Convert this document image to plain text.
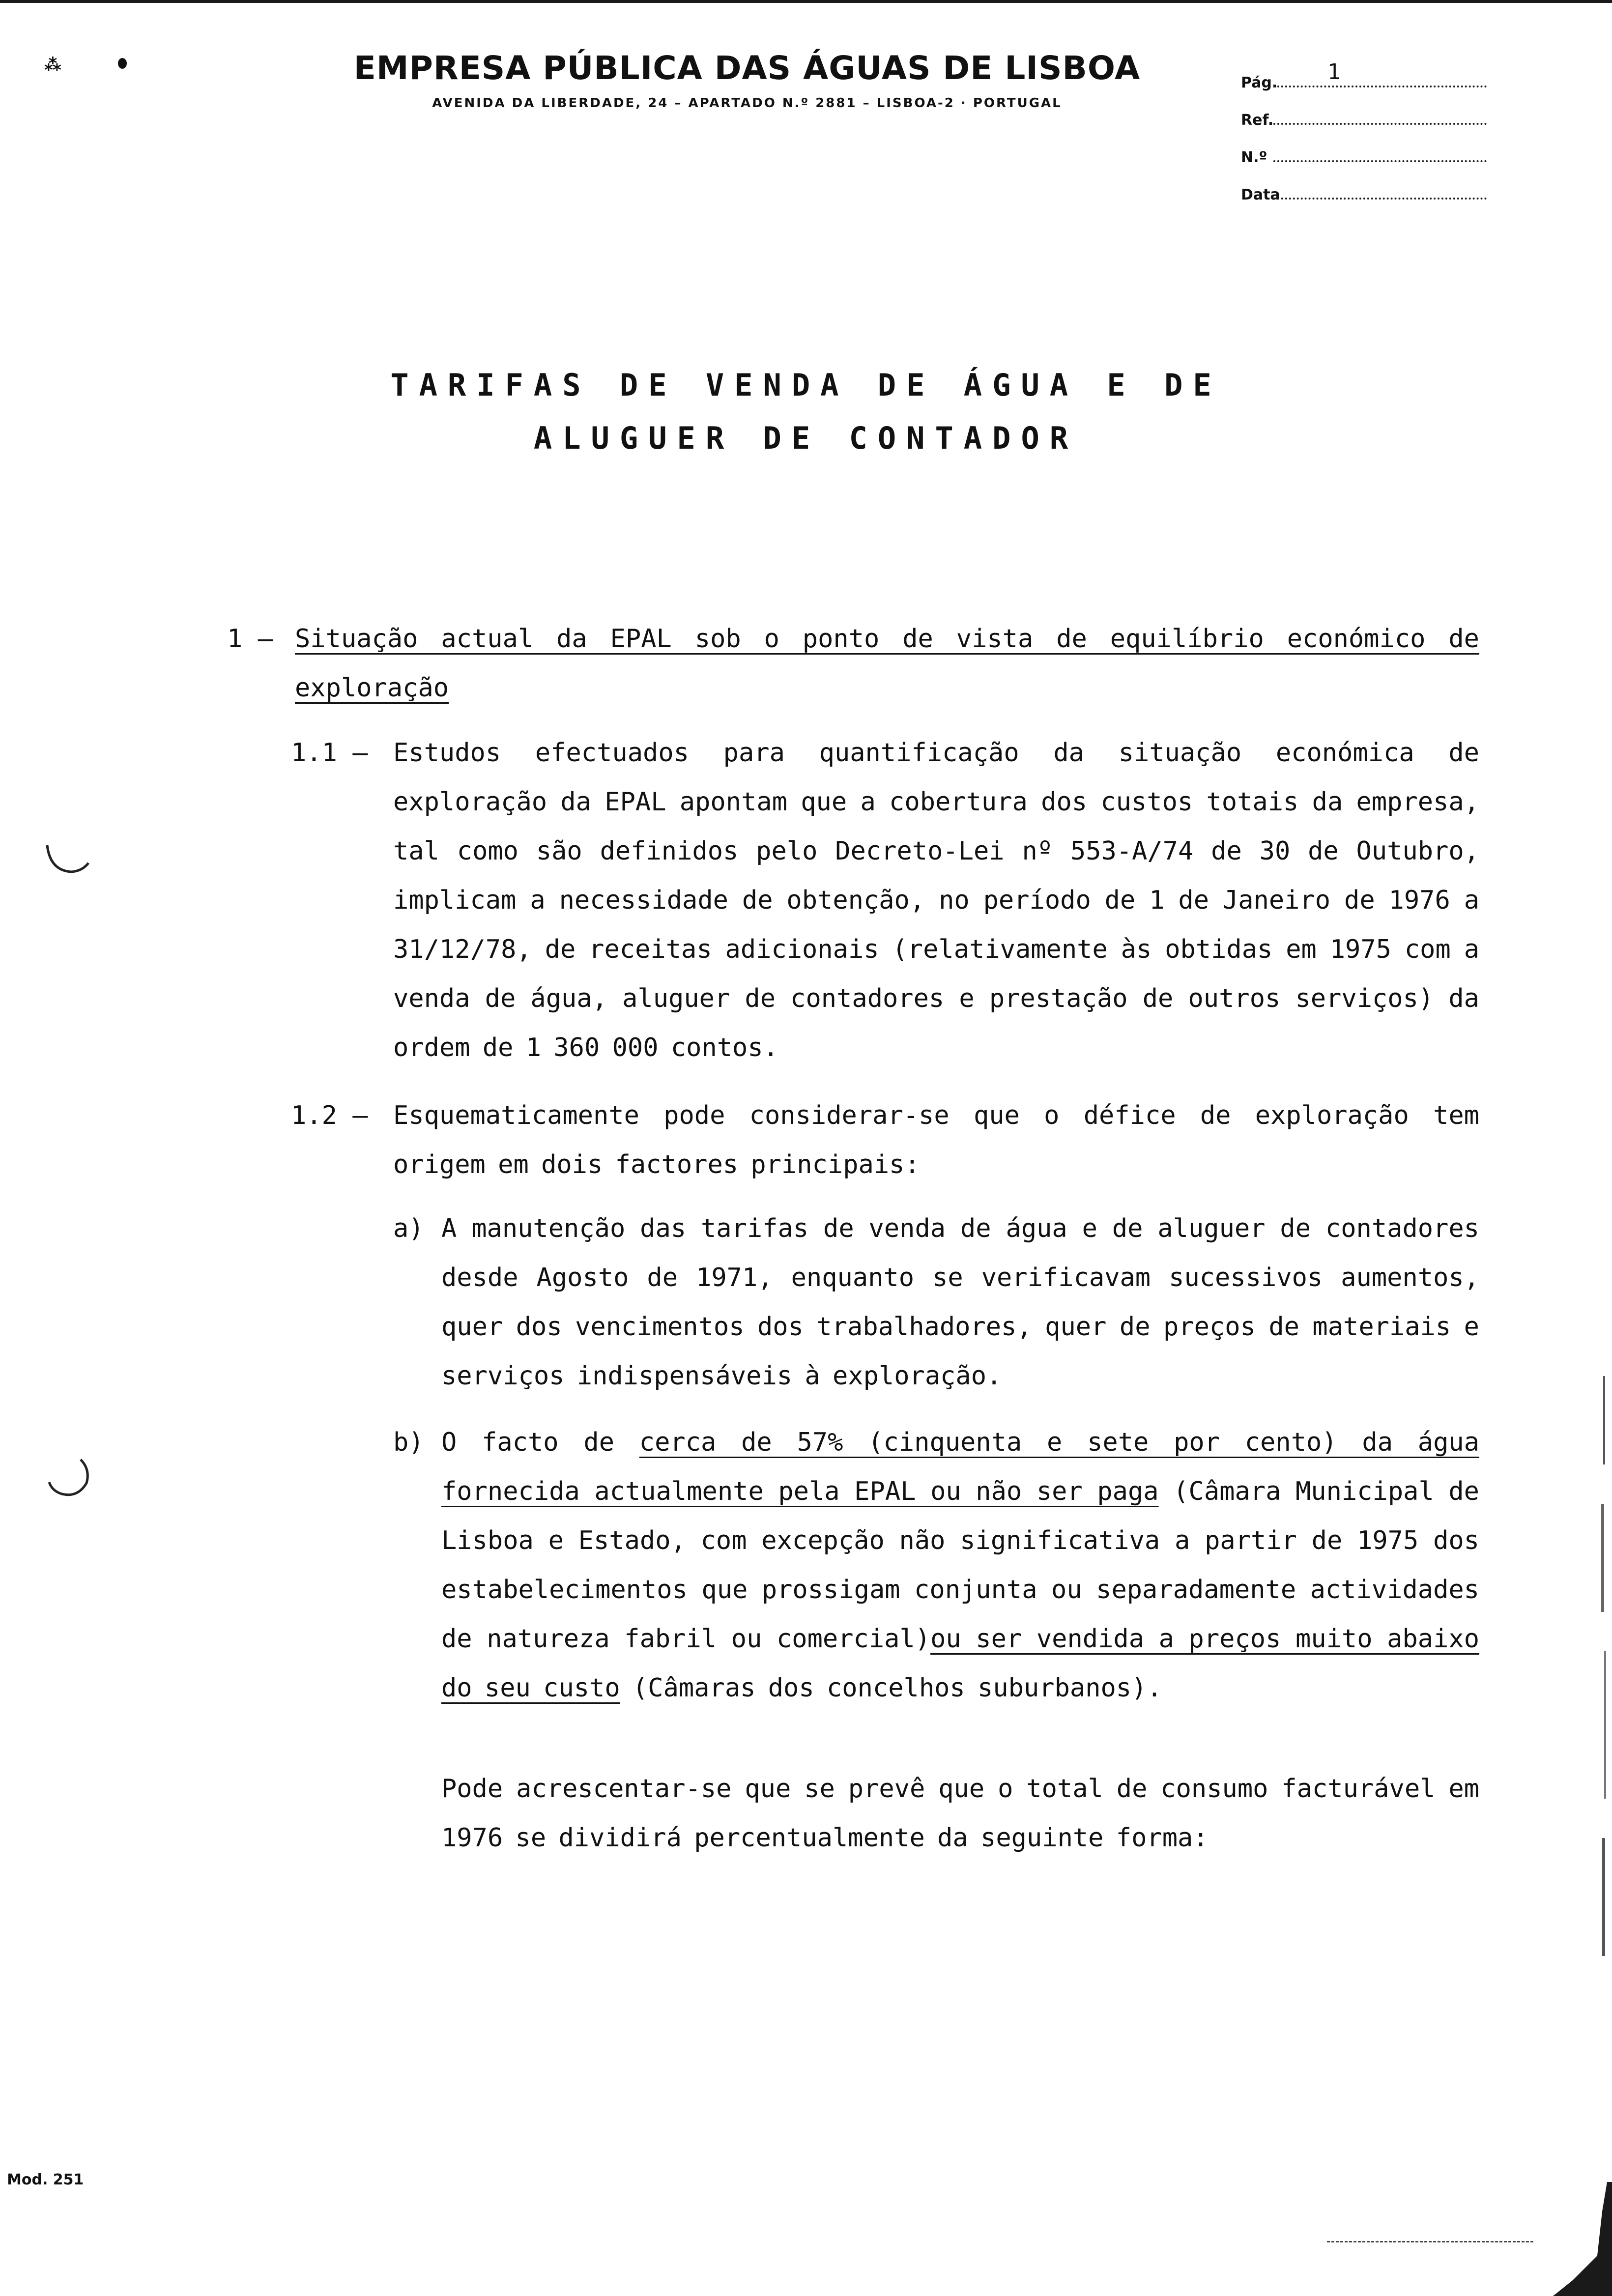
⁂	EMPRESA PÚBLICA DAS ÁGUAS DE LISBOA
AVENIDA DA LIBERDADE, 24 – APARTADO N.º 2881 – LISBOA-2 · PORTUGAL
Pág. 1
Ref.
N.º
Data
TARIFAS DE VENDA DE ÁGUA E DE
ALUGUER DE CONTADOR
1 – Situação actual da EPAL sob o ponto de vista de equilíbrio económico de exploração
1.1 – Estudos efectuados para quantificação da situação económica de exploração da EPAL apontam que a cobertura dos custos totais da empresa, tal como são definidos pelo Decreto-Lei nº 553-A/74 de 30 de Outubro, implicam a necessidade de obtenção, no período de 1 de Janeiro de 1976 a 31/12/78, de receitas adicionais (relativamente às obtidas em 1975 com a venda de água, aluguer de contadores e prestação de outros serviços) da ordem de 1 360 000 contos.
1.2 – Esquematicamente pode considerar-se que o défice de exploração tem origem em dois factores principais:
a) A manutenção das tarifas de venda de água e de aluguer de contadores desde Agosto de 1971, enquanto se verificavam sucessivos aumentos, quer dos vencimentos dos trabalhadores, quer de preços de materiais e serviços indispensáveis à exploração.
b) O facto de cerca de 57% (cinquenta e sete por cento) da água fornecida actualmente pela EPAL ou não ser paga (Câmara Municipal de Lisboa e Estado, com excepção não significativa a partir de 1975 dos estabelecimentos que prossigam conjunta ou separadamente actividades de natureza fabril ou comercial)ou ser vendida a preços muito abaixo do seu custo (Câmaras dos concelhos suburbanos).
Pode acrescentar-se que se prevê que o total de consumo facturável em 1976 se dividirá percentualmente da seguinte forma:
Mod. 251
